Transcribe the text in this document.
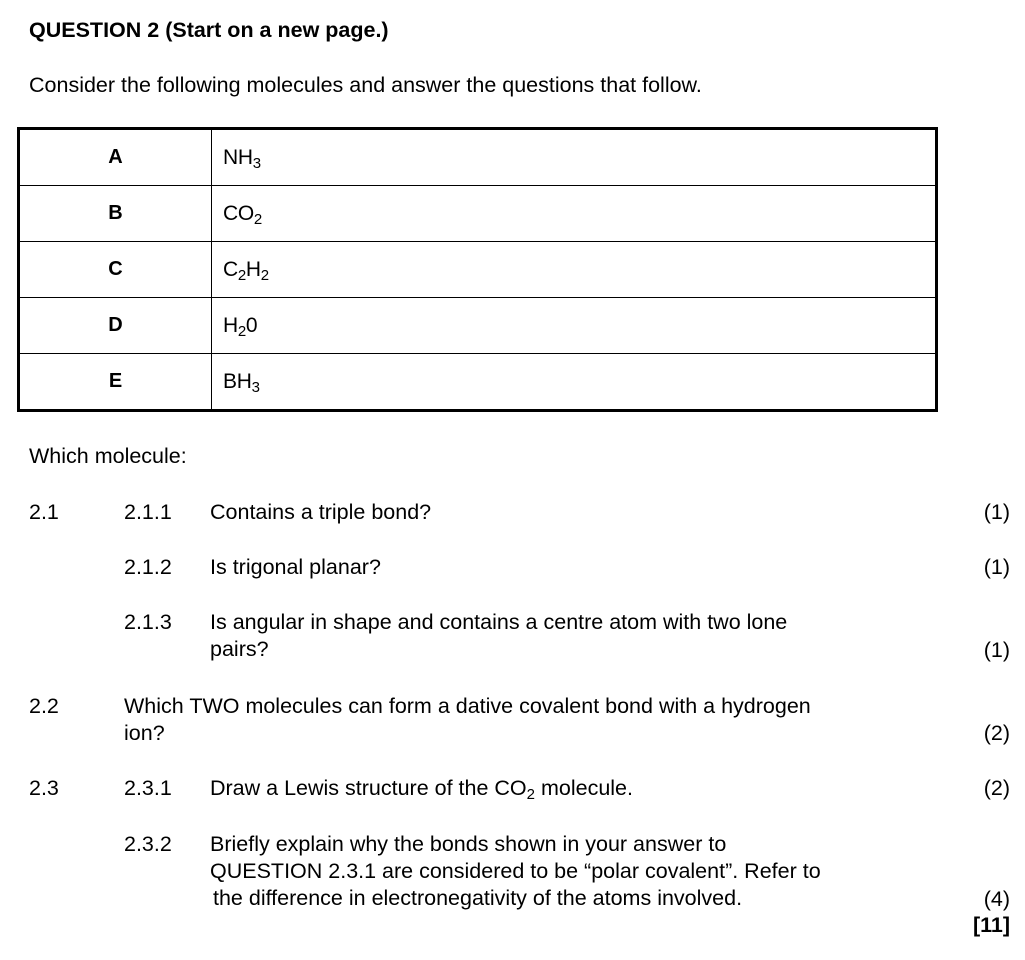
QUESTION 2 (Start on a new page.)
Consider the following molecules and answer the questions that follow.
A	NH3
B	CO2
C	C2H2
D	H20
E	BH3
Which molecule:
2.1	2.1.1 Contains a triple bond?	(1)
2.1.2 Is trigonal planar?	(1)
2.1.3 Is angular in shape and contains a centre atom with two lone
pairs?	(1)
2.2	Which TWO molecules can form a dative covalent bond with a hydrogen
ion?	(2)
2.3	2.3.1 Draw a Lewis structure of the CO2 molecule.	(2)
2.3.2 Briefly explain why the bonds shown in your answer to
QUESTION 2.3.1 are considered to be “polar covalent”. Refer to
the difference in electronegativity of the atoms involved.	(4)
[11]
